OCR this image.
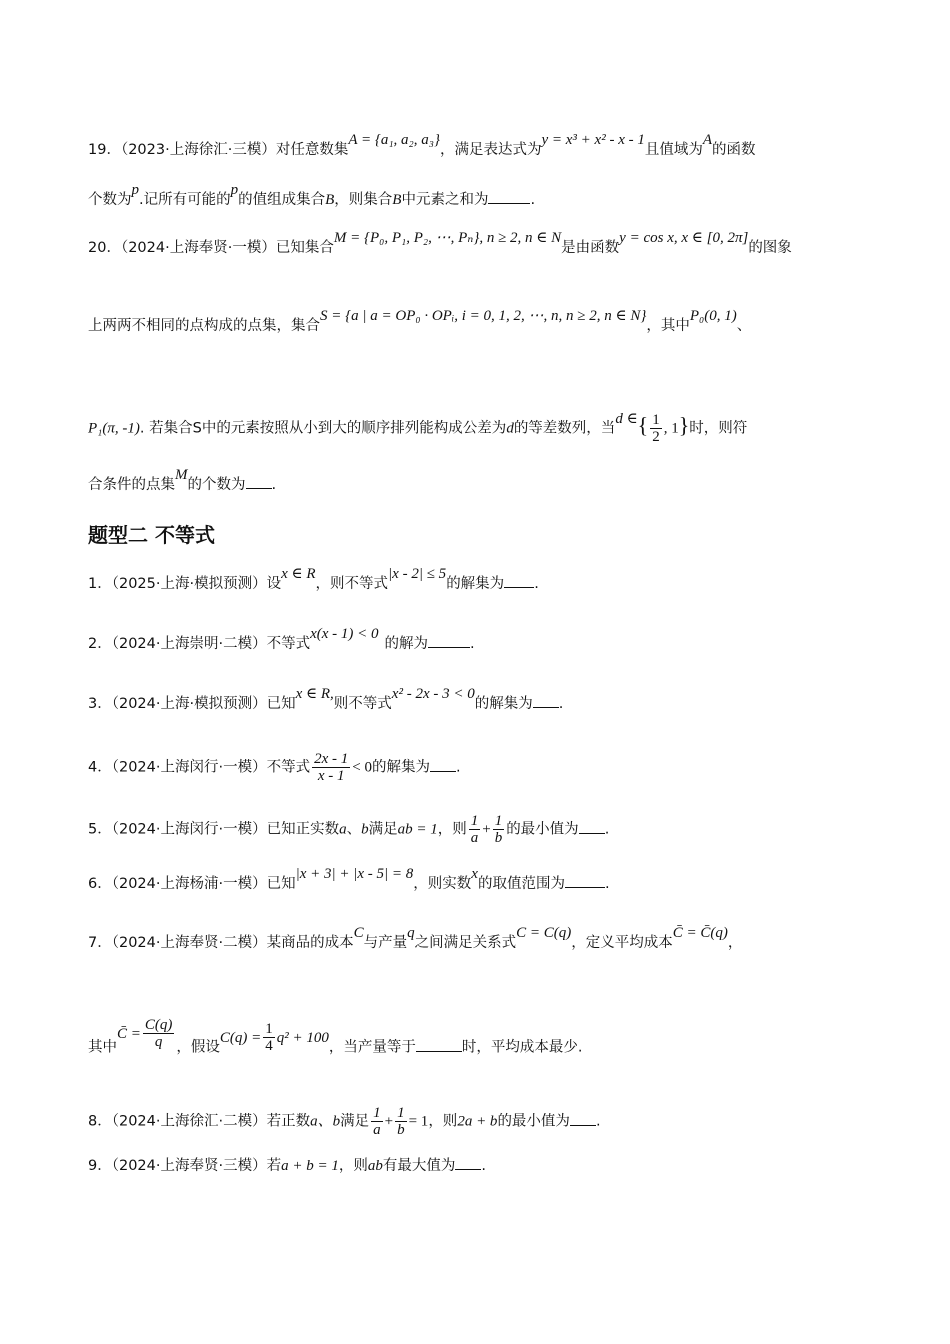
19．（2023·上海徐汇·三模）对任意数集A = {a₁, a₂, a₃}，满足表达式为y = x³ + x² - x - 1且值域为A的函数
个数为p.记所有可能的p的值组成集合B，则集合B中元素之和为	.
20．（2024·上海奉贤·一模）已知集合M = {P₀, P₁, P₂, ⋯, Pₙ}, n ≥ 2, n ∈ N是由函数y = cos x, x ∈ [0, 2π]的图象
上两两不相同的点构成的点集，集合S = {a | a = OP₀ · OPᵢ, i = 0, 1, 2, ⋯, n, n ≥ 2, n ∈ N}，其中P₀(0, 1)、
P₁(π, -1). 若集合S中的元素按照从小到大的顺序排列能构成公差为d的等差数列，当d ∈{ $\frac{1}{2}$ , 1}时，则符
合条件的点集M的个数为 .
题型二 不等式
1．（2025·上海·模拟预测）设x ∈ R，则不等式|x - 2| ≤ 5的解集为 .
2．（2024·上海崇明·二模）不等式x(x - 1) < 0的解为	.
3．（2024·上海·模拟预测）已知x ∈ R,则不等式x² - 2x - 3 < 0的解集为 .
4．（2024·上海闵行·一模）不等式 $\frac{2x - 1}{x - 1} < 0$的解集为 .
5．（2024·上海闵行·一模）已知正实数a、b满足ab = 1，则 $\frac{1}{a} + \frac{1}{b}$ 的最小值为 .
6．（2024·上海杨浦·一模）已知|x + 3| + |x - 5| = 8，则实数x的取值范围为	.
7．（2024·上海奉贤·二模）某商品的成本C与产量q之间满足关系式C = C(q)，定义平均成本C̄ = C̄(q)，
其中C̄ = $\frac{C(q)}{q}$ ，假设$C(q) = \frac{1}{4} q^2 + 100$，当产量等于	时，平均成本最少.
8．（2024·上海徐汇·二模）若正数a、b满足 $\frac{1}{a} + \frac{1}{b} = 1$，则2a + b的最小值为 .
9．（2024·上海奉贤·三模）若a + b = 1，则ab有最大值为 .
